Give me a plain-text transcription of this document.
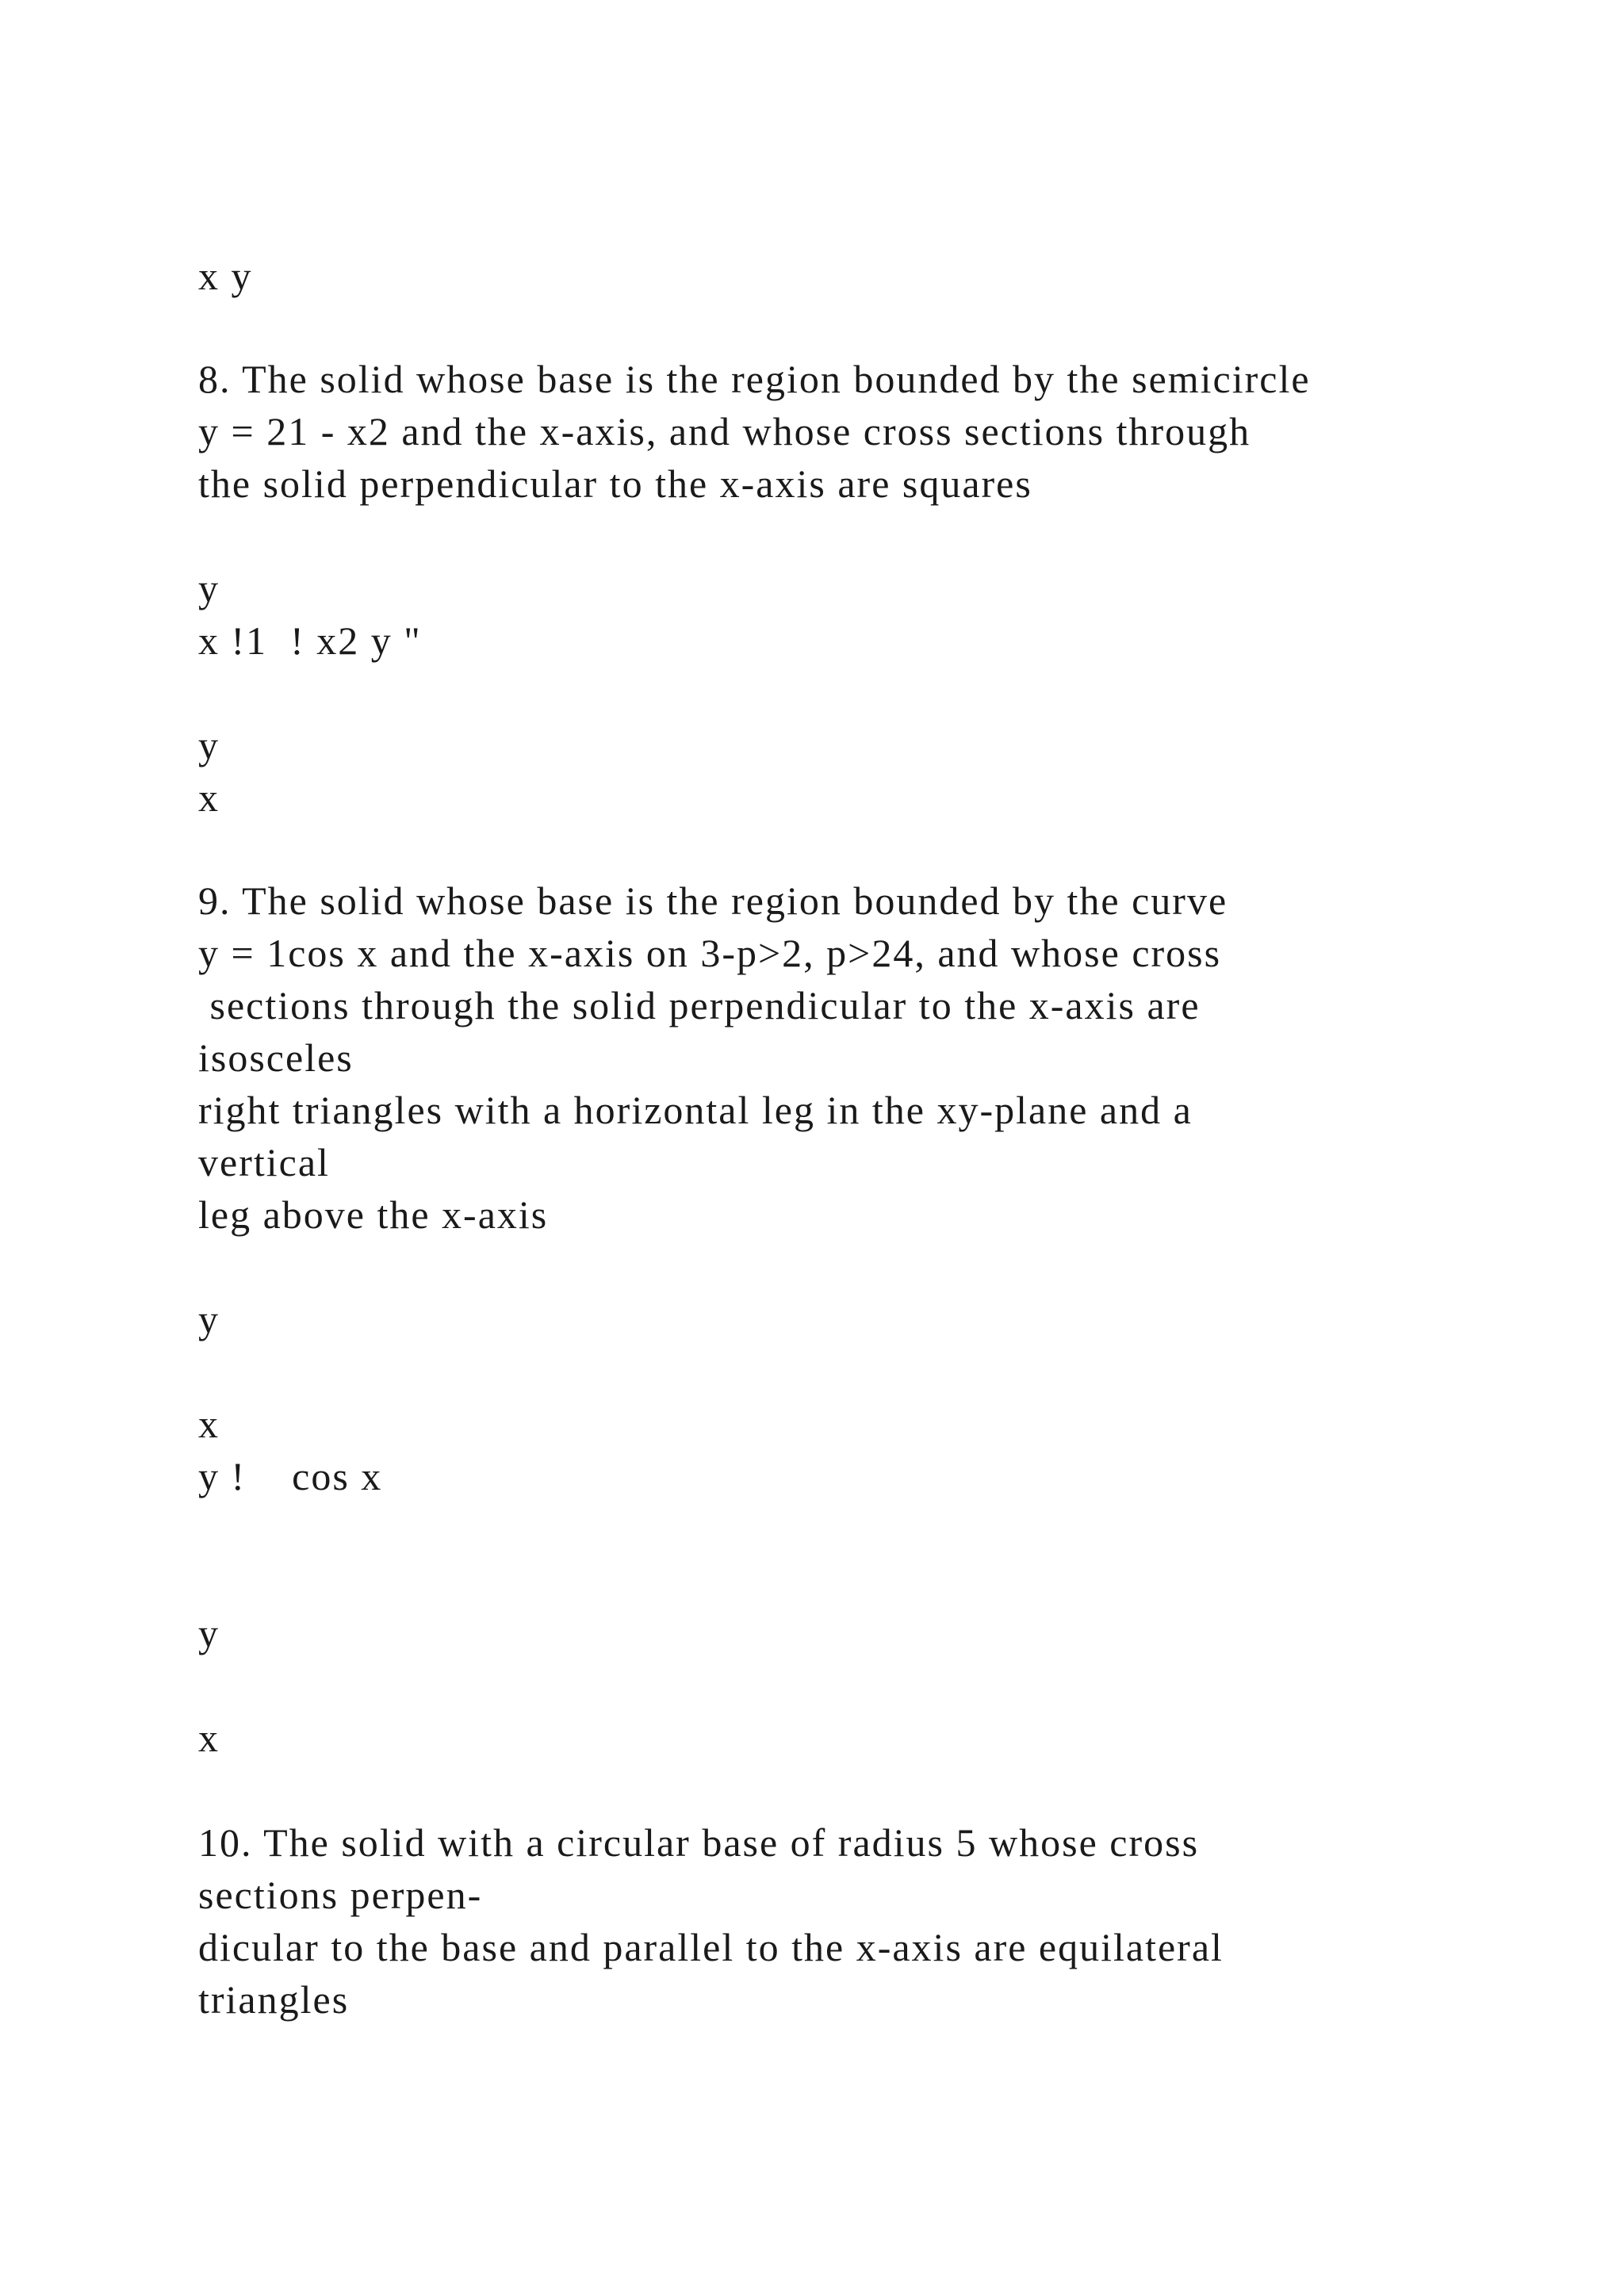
x y

8. The solid whose base is the region bounded by the semicircle

y = 21 - x2 and the x-axis, and whose cross sections through

the solid perpendicular to the x-axis are squares

y

x !1  ! x2 y "

y

x

9. The solid whose base is the region bounded by the curve

y = 1cos x and the x-axis on 3-p>2, p>24, and whose cross

sections through the solid perpendicular to the x-axis are

isosceles

right triangles with a horizontal leg in the xy-plane and a

vertical

leg above the x-axis

y

x

y !    cos x

y

x

10. The solid with a circular base of radius 5 whose cross

sections perpen-

dicular to the base and parallel to the x-axis are equilateral

triangles
